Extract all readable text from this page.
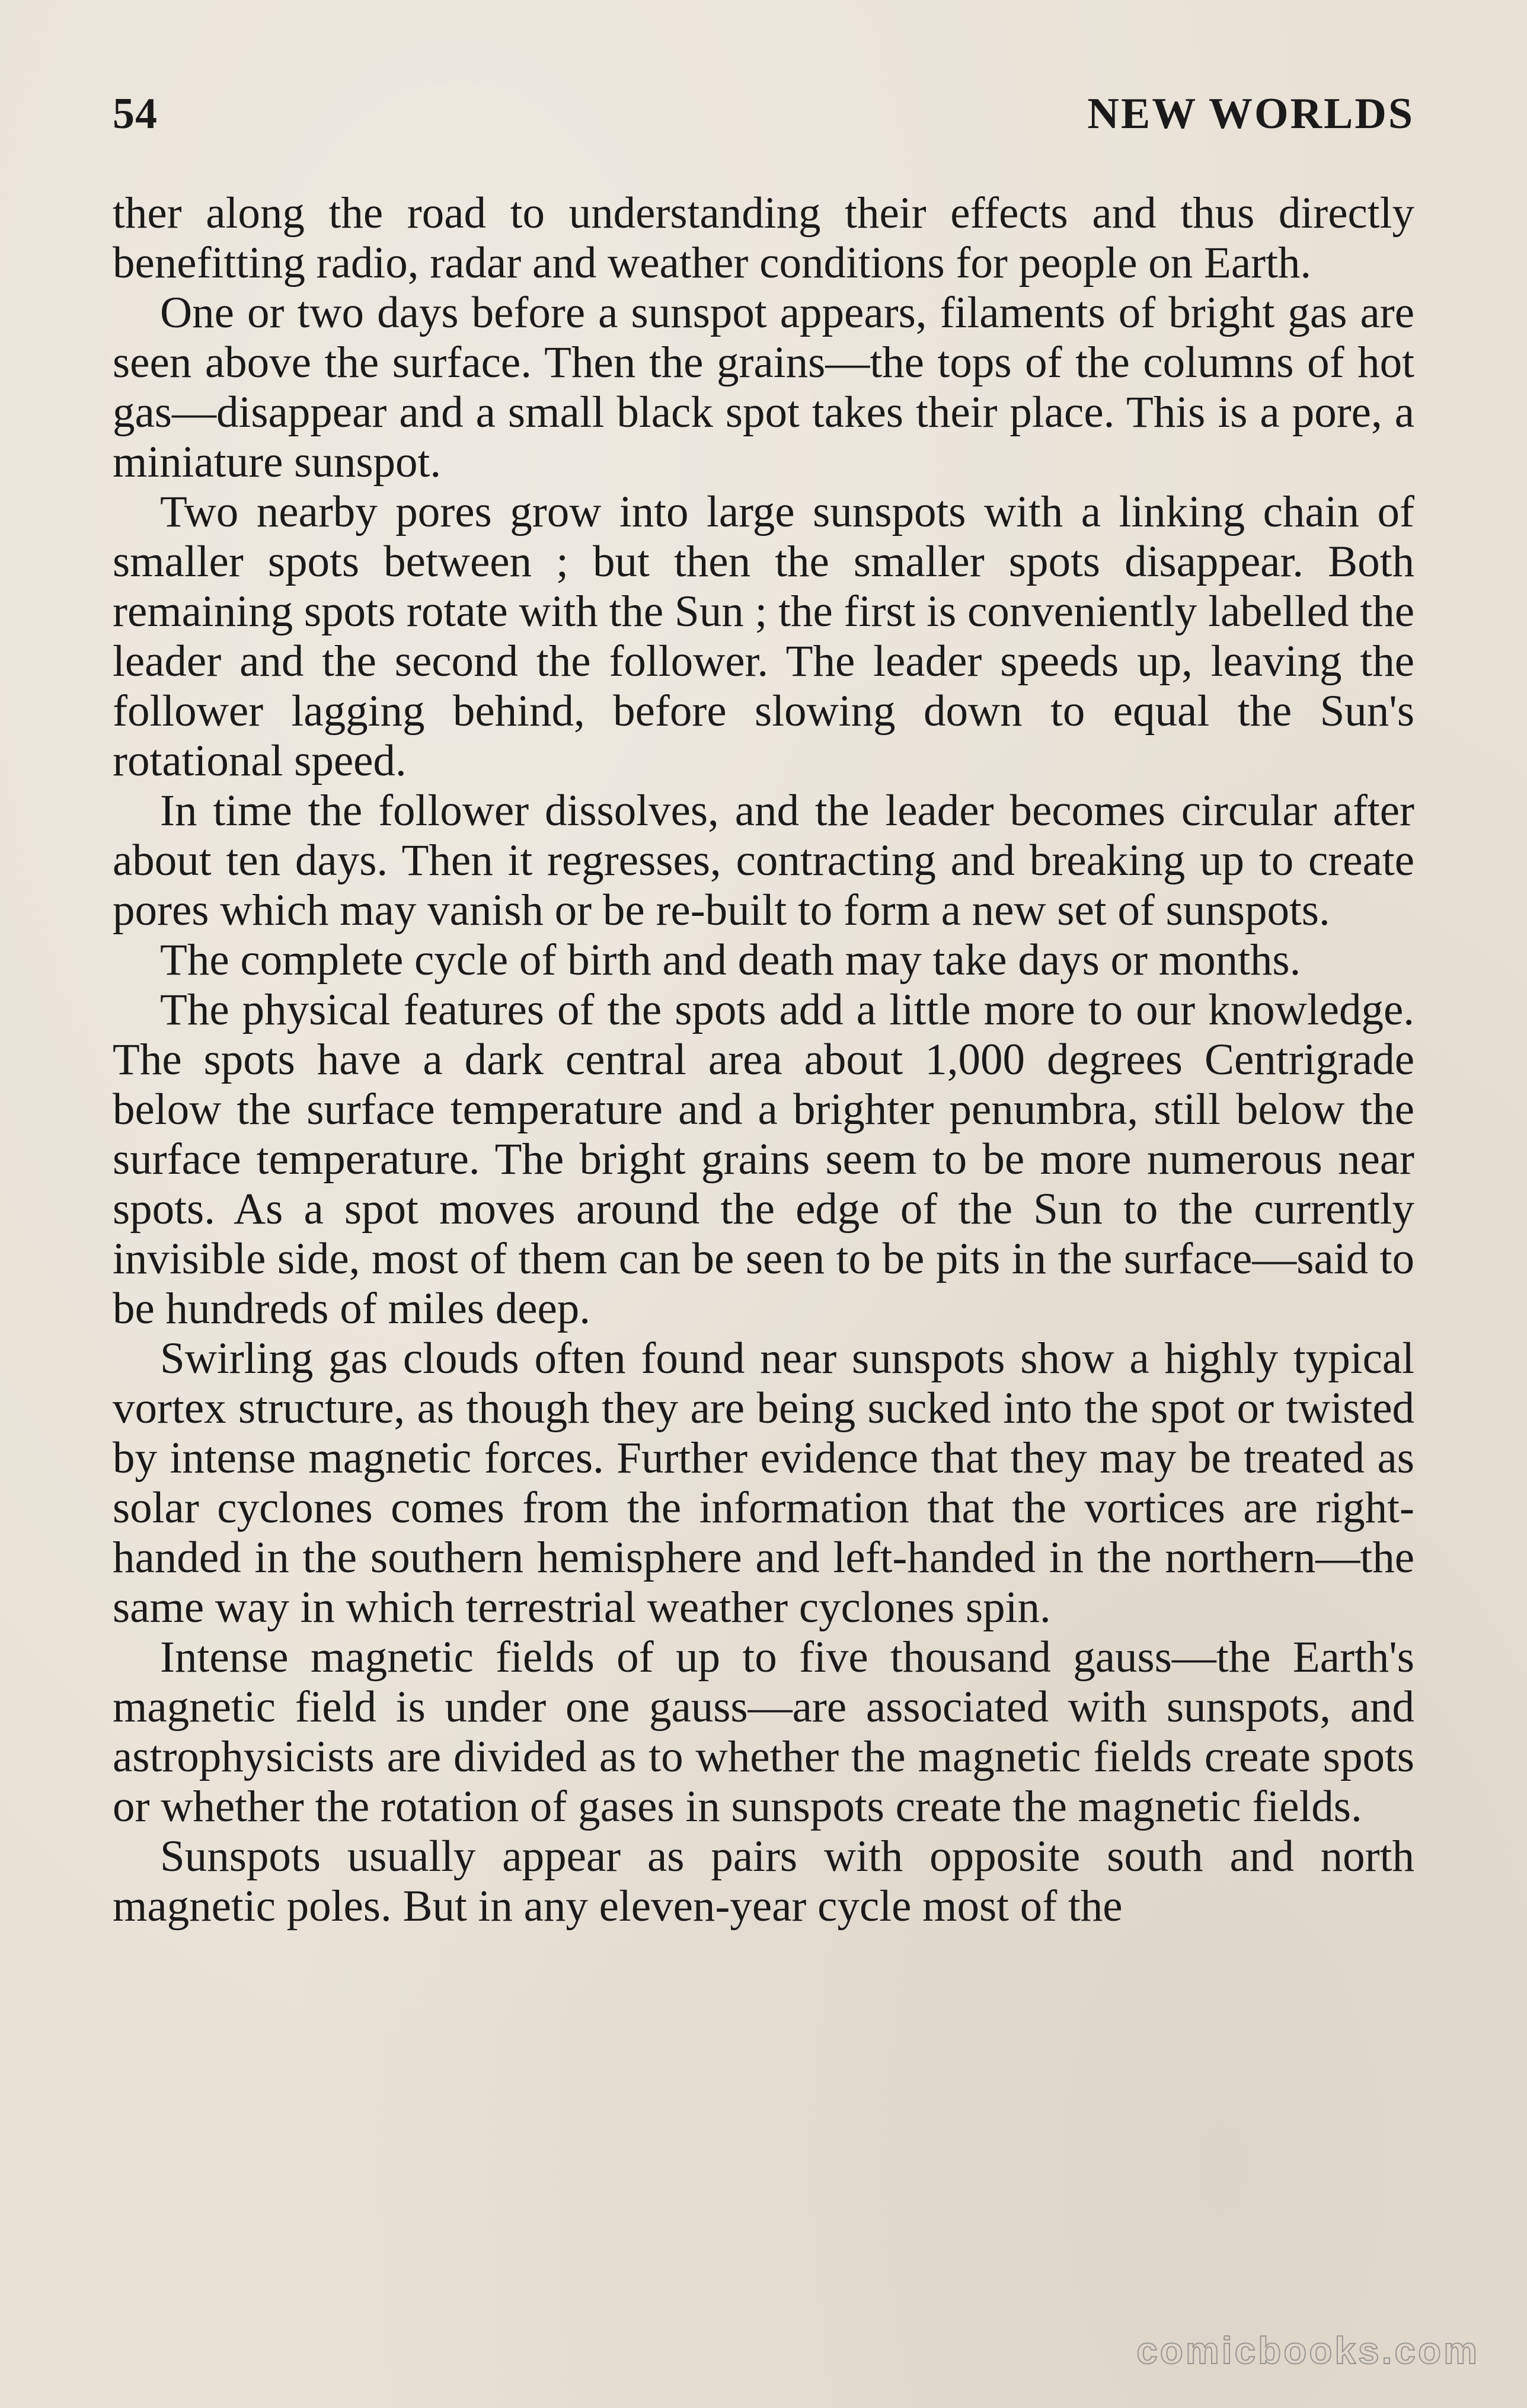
54	NEW WORLDS

ther along the road to understanding their effects and thus directly benefitting radio, radar and weather conditions for people on Earth.

One or two days before a sunspot appears, filaments of bright gas are seen above the surface. Then the grains—the tops of the columns of hot gas—disappear and a small black spot takes their place. This is a pore, a miniature sunspot.

Two nearby pores grow into large sunspots with a linking chain of smaller spots between ; but then the smaller spots disappear. Both remaining spots rotate with the Sun ; the first is conveniently labelled the leader and the second the follower. The leader speeds up, leaving the follower lagging behind, before slowing down to equal the Sun's rotational speed.

In time the follower dissolves, and the leader becomes circular after about ten days. Then it regresses, contracting and breaking up to create pores which may vanish or be re-built to form a new set of sunspots.

The complete cycle of birth and death may take days or months.

The physical features of the spots add a little more to our knowledge. The spots have a dark central area about 1,000 degrees Centrigrade below the surface temperature and a brighter penumbra, still below the surface temperature. The bright grains seem to be more numerous near spots. As a spot moves around the edge of the Sun to the currently invisible side, most of them can be seen to be pits in the surface—said to be hundreds of miles deep.

Swirling gas clouds often found near sunspots show a highly typical vortex structure, as though they are being sucked into the spot or twisted by intense magnetic forces. Further evidence that they may be treated as solar cyclones comes from the information that the vortices are right-handed in the southern hemisphere and left-handed in the northern—the same way in which terrestrial weather cyclones spin.

Intense magnetic fields of up to five thousand gauss—the Earth's magnetic field is under one gauss—are associated with sunspots, and astrophysicists are divided as to whether the magnetic fields create spots or whether the rotation of gases in sunspots create the magnetic fields.

Sunspots usually appear as pairs with opposite south and north magnetic poles. But in any eleven-year cycle most of the

comicbooks.com
